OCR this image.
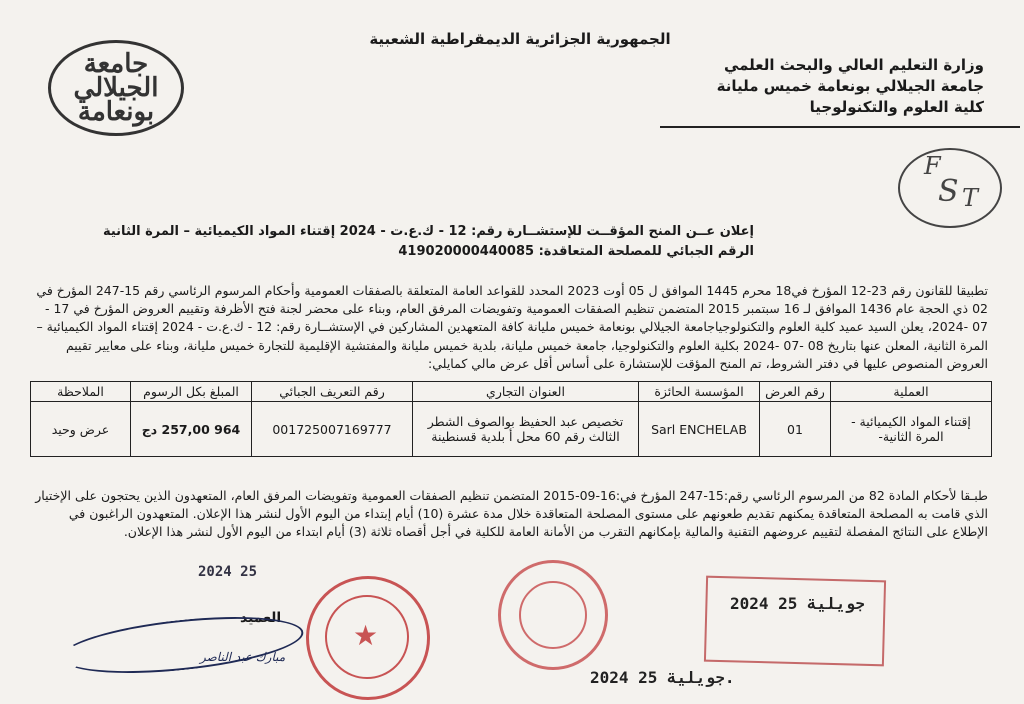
الجمهورية الجزائرية الديمقراطية الشعبية
وزارة التعليم العالي والبحث العلمي
جامعة الجيلالي بونعامة خميس مليانة
كلية العلوم والتكنولوجيا
جامعة الجيلالي بونعامة
F
S T
إعلان عــن المنح المؤقــت للإستشــارة رقم: 12 - ك.ع.ت - 2024 إقتناء المواد الكيميائية – المرة الثانية
الرقم الجبائي للمصلحة المتعاقدة: 419020000440085
تطبيقا للقانون رقم 23-12 المؤرخ في18 محرم 1445 الموافق ل 05 أوت 2023 المحدد للقواعد العامة المتعلقة بالصفقات العمومية وأحكام المرسوم الرئاسي رقم 15-247 المؤرخ في 02 ذي الحجة عام 1436 الموافق لـ 16 سبتمبر 2015 المتضمن تنظيم الصفقات العمومية وتفويضات المرفق العام، وبناء على محضر لجنة فتح الأظرفة وتقييم العروض المؤرخ في 17 - 07 -2024، يعلن السيد عميد كلية العلوم والتكنولوجياجامعة الجيلالي بونعامة خميس مليانة كافة المتعهدين المشاركين في الإستشــارة رقم: 12 - ك.ع.ت - 2024 إقتناء المواد الكيميائية – المرة الثانية، المعلن عنها بتاريخ 08 -07 -2024 بكلية العلوم والتكنولوجيا، جامعة خميس مليانة، بلدية خميس مليانة والمفتشية الإقليمية للتجارة خميس مليانة، وبناء على معايير تقييم العروض المنصوص عليها في دفتر الشروط، تم المنح المؤقت للإستشارة على أساس أقل عرض مالي كمايلي:
العملية	رقم العرض	المؤسسة الحائزة	العنوان التجاري	رقم التعريف الجبائي	المبلغ بكل الرسوم	الملاحظة
إقتناء المواد الكيميائية - المرة الثانية-	01	Sarl ENCHELAB	تخصيص عبد الحفيظ بوالصوف الشطر الثالث رقم 60 محل أ بلدية قسنطينة	001725007169777	964 257,00 دج	عرض وحيد
طبـقا لأحكام المادة 82 من المرسوم الرئاسي رقم:15-247 المؤرخ في:16-09-2015 المتضمن تنظيم الصفقات العمومية وتفويضات المرفق العام، المتعهدون الذين يحتجون على الإختيار الذي قامت به المصلحة المتعاقدة يمكنهم تقديم طعونهم على مستوى المصلحة المتعاقدة خلال مدة عشرة (10) أيام إبتداء من اليوم الأول لنشر هذا الإعلان. المتعهدون الراغبون في الإطلاع على النتائج المفصلة لتقييم عروضهم التقنية والمالية بإمكانهم التقرب من الأمانة العامة للكلية في أجل أقصاه ثلاثة (3) أيام ابتداء من اليوم الأول لنشر هذا الإعلان.
2024 25
2024 جويلية 25
2024 جويلية 25.
★
العميد
مبارك عبد الناصر
